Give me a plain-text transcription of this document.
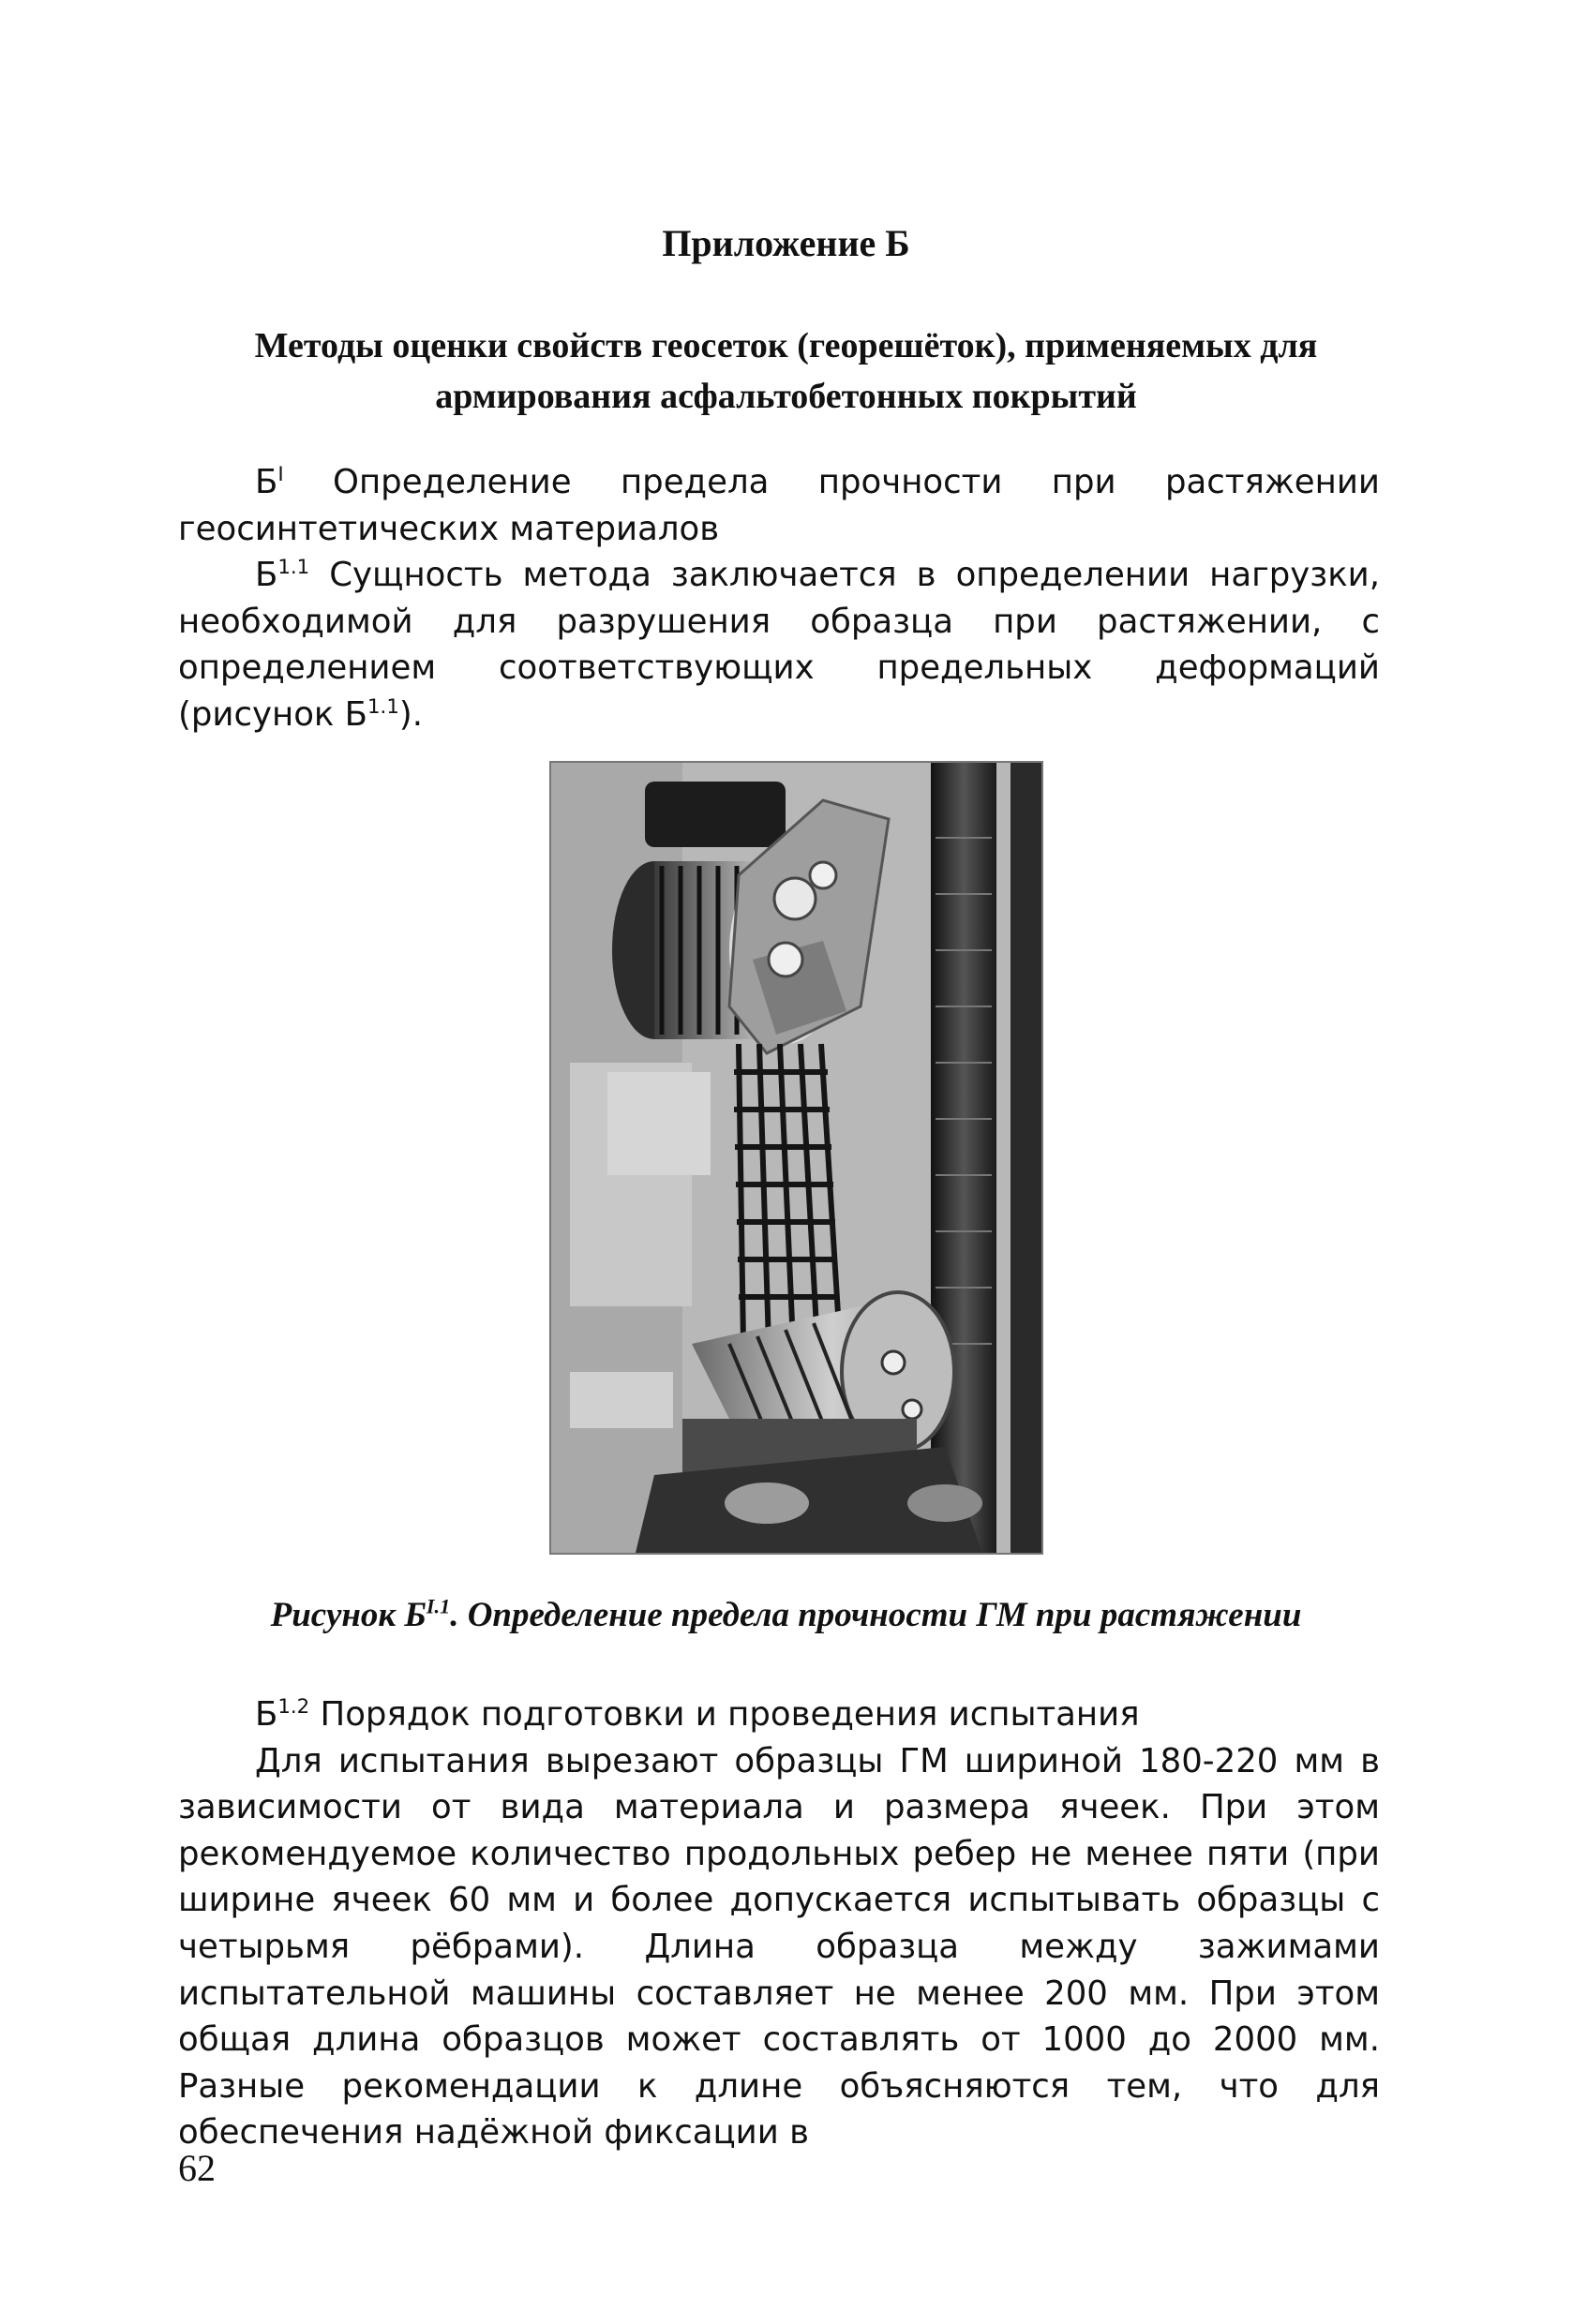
Приложение Б
Методы оценки свойств геосеток (георешёток), применяемых для армирования асфальтобетонных покрытий

$Б^I$ Определение предела прочности при растяжении геосинтетических материалов

$Б^{1.1}$ Сущность метода заключается в определении нагрузки, необходимой для разрушения образца при растяжении, с определением соответствующих предельных деформаций (рисунок $Б^{1.1}$).

Рисунок $Б^{I.1}$. Определение предела прочности ГМ при растяжении

$Б^{1.2}$ Порядок подготовки и проведения испытания

Для испытания вырезают образцы ГМ шириной 180-220 мм в зависимости от вида материала и размера ячеек. При этом рекомендуемое количество продольных ребер не менее пяти (при ширине ячеек 60 мм и более допускается испытывать образцы с четырьмя рёбрами). Длина образца между зажимами испытательной машины составляет не менее 200 мм. При этом общая длина образцов может составлять от 1000 до 2000 мм. Разные рекомендации к длине объясняются тем, что для обеспечения надёжной фиксации в

62
